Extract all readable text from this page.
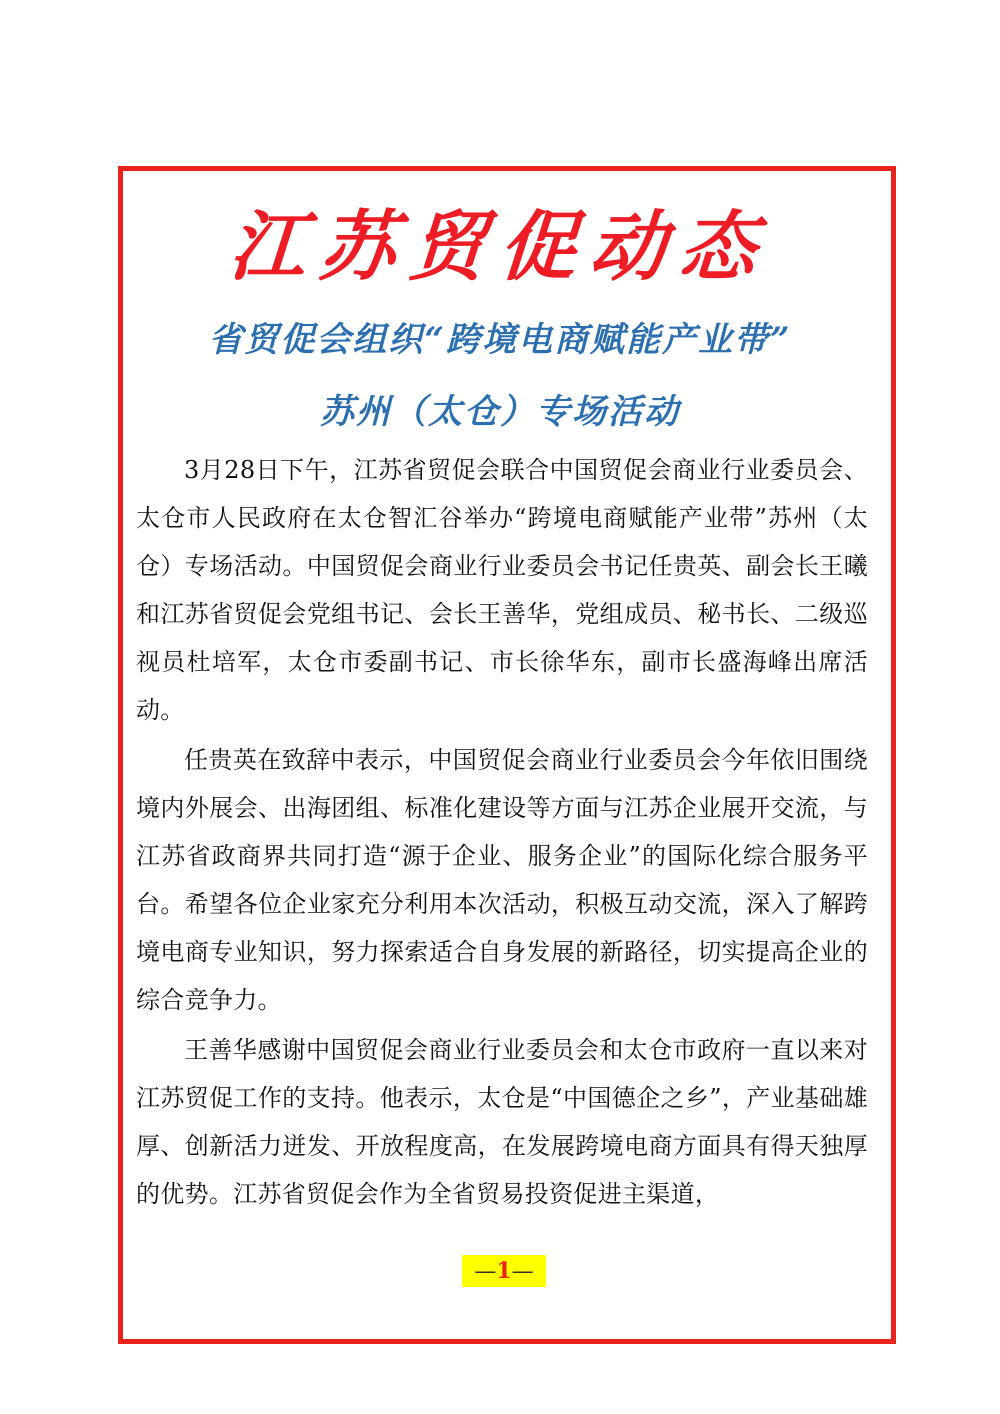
江苏贸促动态
省贸促会组织“跨境电商赋能产业带”
苏州（太仓）专场活动

3月28日下午，江苏省贸促会联合中国贸促会商业行业委员会、太仓市人民政府在太仓智汇谷举办“跨境电商赋能产业带”苏州（太仓）专场活动。中国贸促会商业行业委员会书记任贵英、副会长王曦和江苏省贸促会党组书记、会长王善华，党组成员、秘书长、二级巡视员杜培军，太仓市委副书记、市长徐华东，副市长盛海峰出席活动。

任贵英在致辞中表示，中国贸促会商业行业委员会今年依旧围绕境内外展会、出海团组、标准化建设等方面与江苏企业展开交流，与江苏省政商界共同打造“源于企业、服务企业”的国际化综合服务平台。希望各位企业家充分利用本次活动，积极互动交流，深入了解跨境电商专业知识，努力探索适合自身发展的新路径，切实提高企业的综合竞争力。

王善华感谢中国贸促会商业行业委员会和太仓市政府一直以来对江苏贸促工作的支持。他表示，太仓是“中国德企之乡”，产业基础雄厚、创新活力迸发、开放程度高，在发展跨境电商方面具有得天独厚的优势。江苏省贸促会作为全省贸易投资促进主渠道，

—1—
